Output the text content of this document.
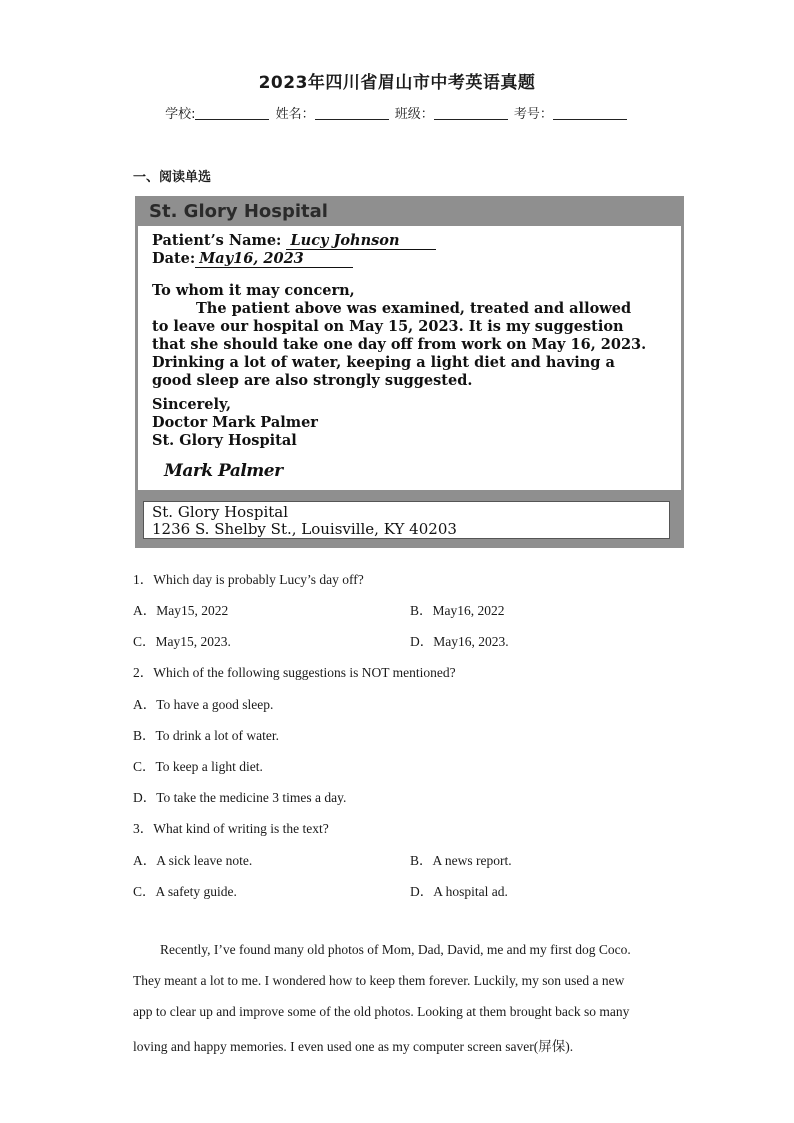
2023年四川省眉山市中考英语真题
学校:	姓名：	班级：	考号：
一、阅读单选
St. Glory Hospital
Patient’s Name: Lucy Johnson
Date: May16, 2023
To whom it may concern,
The patient above was examined, treated and allowed
to leave our hospital on May 15, 2023. It is my suggestion
that she should take one day off from work on May 16, 2023.
Drinking a lot of water, keeping a light diet and having a
good sleep are also strongly suggested.
Sincerely,
Doctor Mark Palmer
St. Glory Hospital
Mark Palmer
St. Glory Hospital
1236 S. Shelby St., Louisville, KY 40203
1．Which day is probably Lucy’s day off?
A．May15, 2022	B．May16, 2022
C．May15, 2023.	D．May16, 2023.
2．Which of the following suggestions is NOT mentioned?
A．To have a good sleep.
B．To drink a lot of water.
C．To keep a light diet.
D．To take the medicine 3 times a day.
3．What kind of writing is the text?
A．A sick leave note.	B．A news report.
C．A safety guide.	D．A hospital ad.
Recently, I’ve found many old photos of Mom, Dad, David, me and my first dog Coco.
They meant a lot to me. I wondered how to keep them forever. Luckily, my son used a new
app to clear up and improve some of the old photos. Looking at them brought back so many
loving and happy memories. I even used one as my computer screen saver(屏保).
